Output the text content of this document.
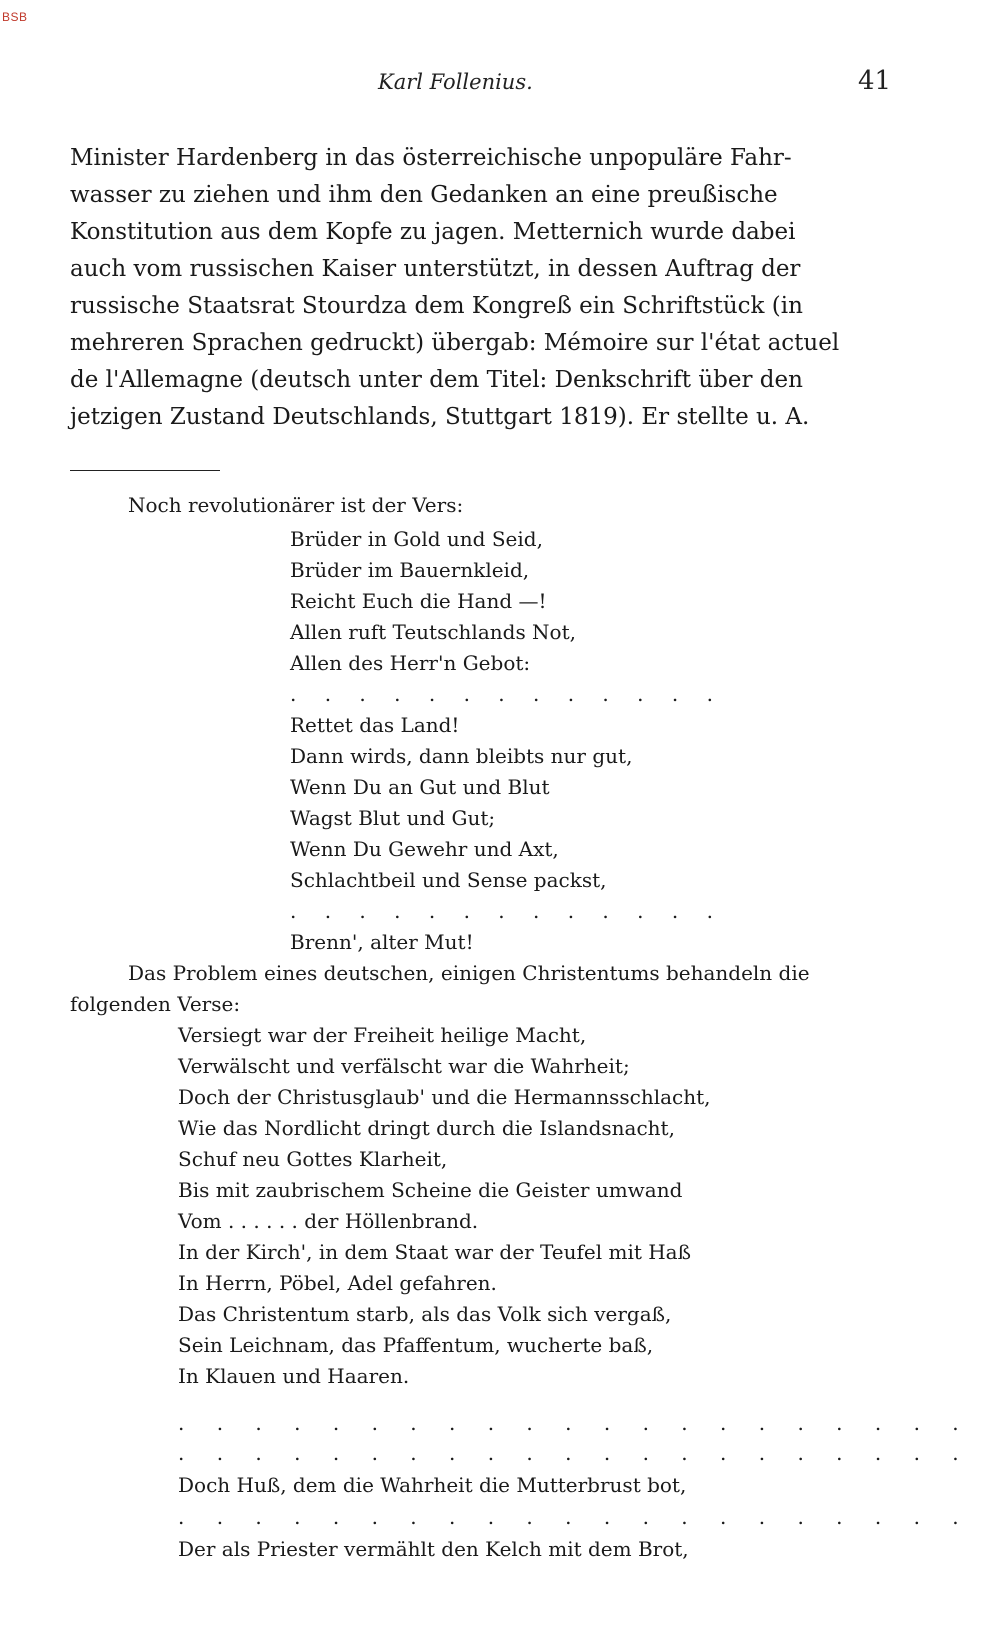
BSB
Karl Follenius.	41
Minister Hardenberg in das österreichische unpopuläre Fahr-
wasser zu ziehen und ihm den Gedanken an eine preußische
Konstitution aus dem Kopfe zu jagen. Metternich wurde dabei
auch vom russischen Kaiser unterstützt, in dessen Auftrag der
russische Staatsrat Stourdza dem Kongreß ein Schriftstück (in
mehreren Sprachen gedruckt) übergab: Mémoire sur l'état actuel
de l'Allemagne (deutsch unter dem Titel: Denkschrift über den
jetzigen Zustand Deutschlands, Stuttgart 1819). Er stellte u. A.
Noch revolutionärer ist der Vers:
Brüder in Gold und Seid,
Brüder im Bauernkleid,
Reicht Euch die Hand —!
Allen ruft Teutschlands Not,
Allen des Herr'n Gebot:
. . . . . . . . . . . . .
Rettet das Land!
Dann wirds, dann bleibts nur gut,
Wenn Du an Gut und Blut
Wagst Blut und Gut;
Wenn Du Gewehr und Axt,
Schlachtbeil und Sense packst,
. . . . . . . . . . . . .
Brenn', alter Mut!
Das Problem eines deutschen, einigen Christentums behandeln die
folgenden Verse:
Versiegt war der Freiheit heilige Macht,
Verwälscht und verfälscht war die Wahrheit;
Doch der Christusglaub' und die Hermannsschlacht,
Wie das Nordlicht dringt durch die Islandsnacht,
Schuf neu Gottes Klarheit,
Bis mit zaubrischem Scheine die Geister umwand
Vom . . . . . . der Höllenbrand.
In der Kirch', in dem Staat war der Teufel mit Haß
In Herrn, Pöbel, Adel gefahren.
Das Christentum starb, als das Volk sich vergaß,
Sein Leichnam, das Pfaffentum, wucherte baß,
In Klauen und Haaren.
. . . . . . . . . . . . . . . . . . . . .
. . . . . . . . . . . . . . . . . . . . .
Doch Huß, dem die Wahrheit die Mutterbrust bot,
. . . . . . . . . . . . . . . . . . . . .
Der als Priester vermählt den Kelch mit dem Brot,
